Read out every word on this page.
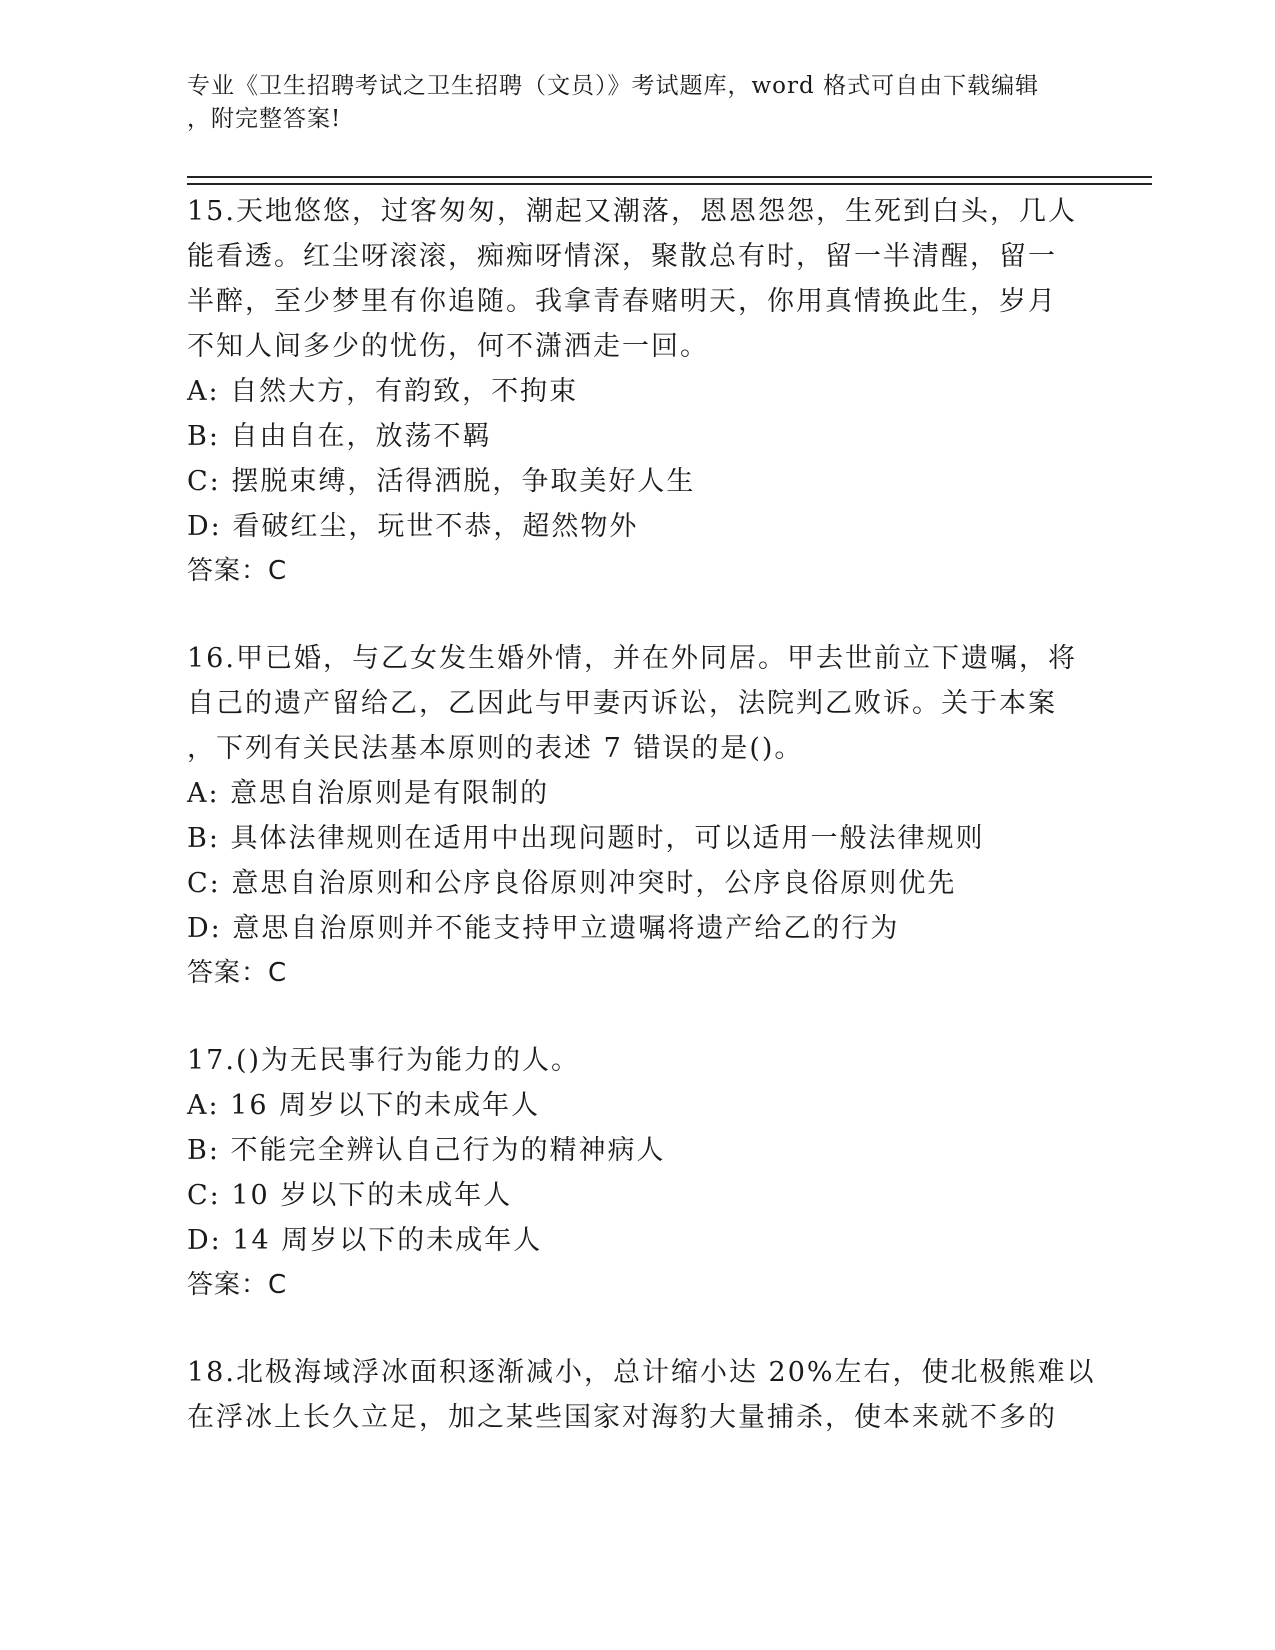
专业《卫生招聘考试之卫生招聘（文员）》考试题库，word 格式可自由下载编辑
，附完整答案!
15.天地悠悠，过客匆匆，潮起又潮落，恩恩怨怨，生死到白头，几人
能看透。红尘呀滚滚，痴痴呀情深，聚散总有时，留一半清醒，留一
半醉，至少梦里有你追随。我拿青春赌明天，你用真情换此生，岁月
不知人间多少的忧伤，何不潇洒走一回。
A: 自然大方，有韵致，不拘束
B: 自由自在，放荡不羁
C: 摆脱束缚，活得洒脱，争取美好人生
D: 看破红尘，玩世不恭，超然物外
答案：C
16.甲已婚，与乙女发生婚外情，并在外同居。甲去世前立下遗嘱，将
自己的遗产留给乙，乙因此与甲妻丙诉讼，法院判乙败诉。关于本案
，下列有关民法基本原则的表述 7 错误的是()。
A: 意思自治原则是有限制的
B: 具体法律规则在适用中出现问题时，可以适用一般法律规则
C: 意思自治原则和公序良俗原则冲突时，公序良俗原则优先
D: 意思自治原则并不能支持甲立遗嘱将遗产给乙的行为
答案：C
17.()为无民事行为能力的人。
A: 16 周岁以下的未成年人
B: 不能完全辨认自己行为的精神病人
C: 10 岁以下的未成年人
D: 14 周岁以下的未成年人
答案：C
18.北极海域浮冰面积逐渐减小，总计缩小达 20%左右，使北极熊难以
在浮冰上长久立足，加之某些国家对海豹大量捕杀，使本来就不多的
